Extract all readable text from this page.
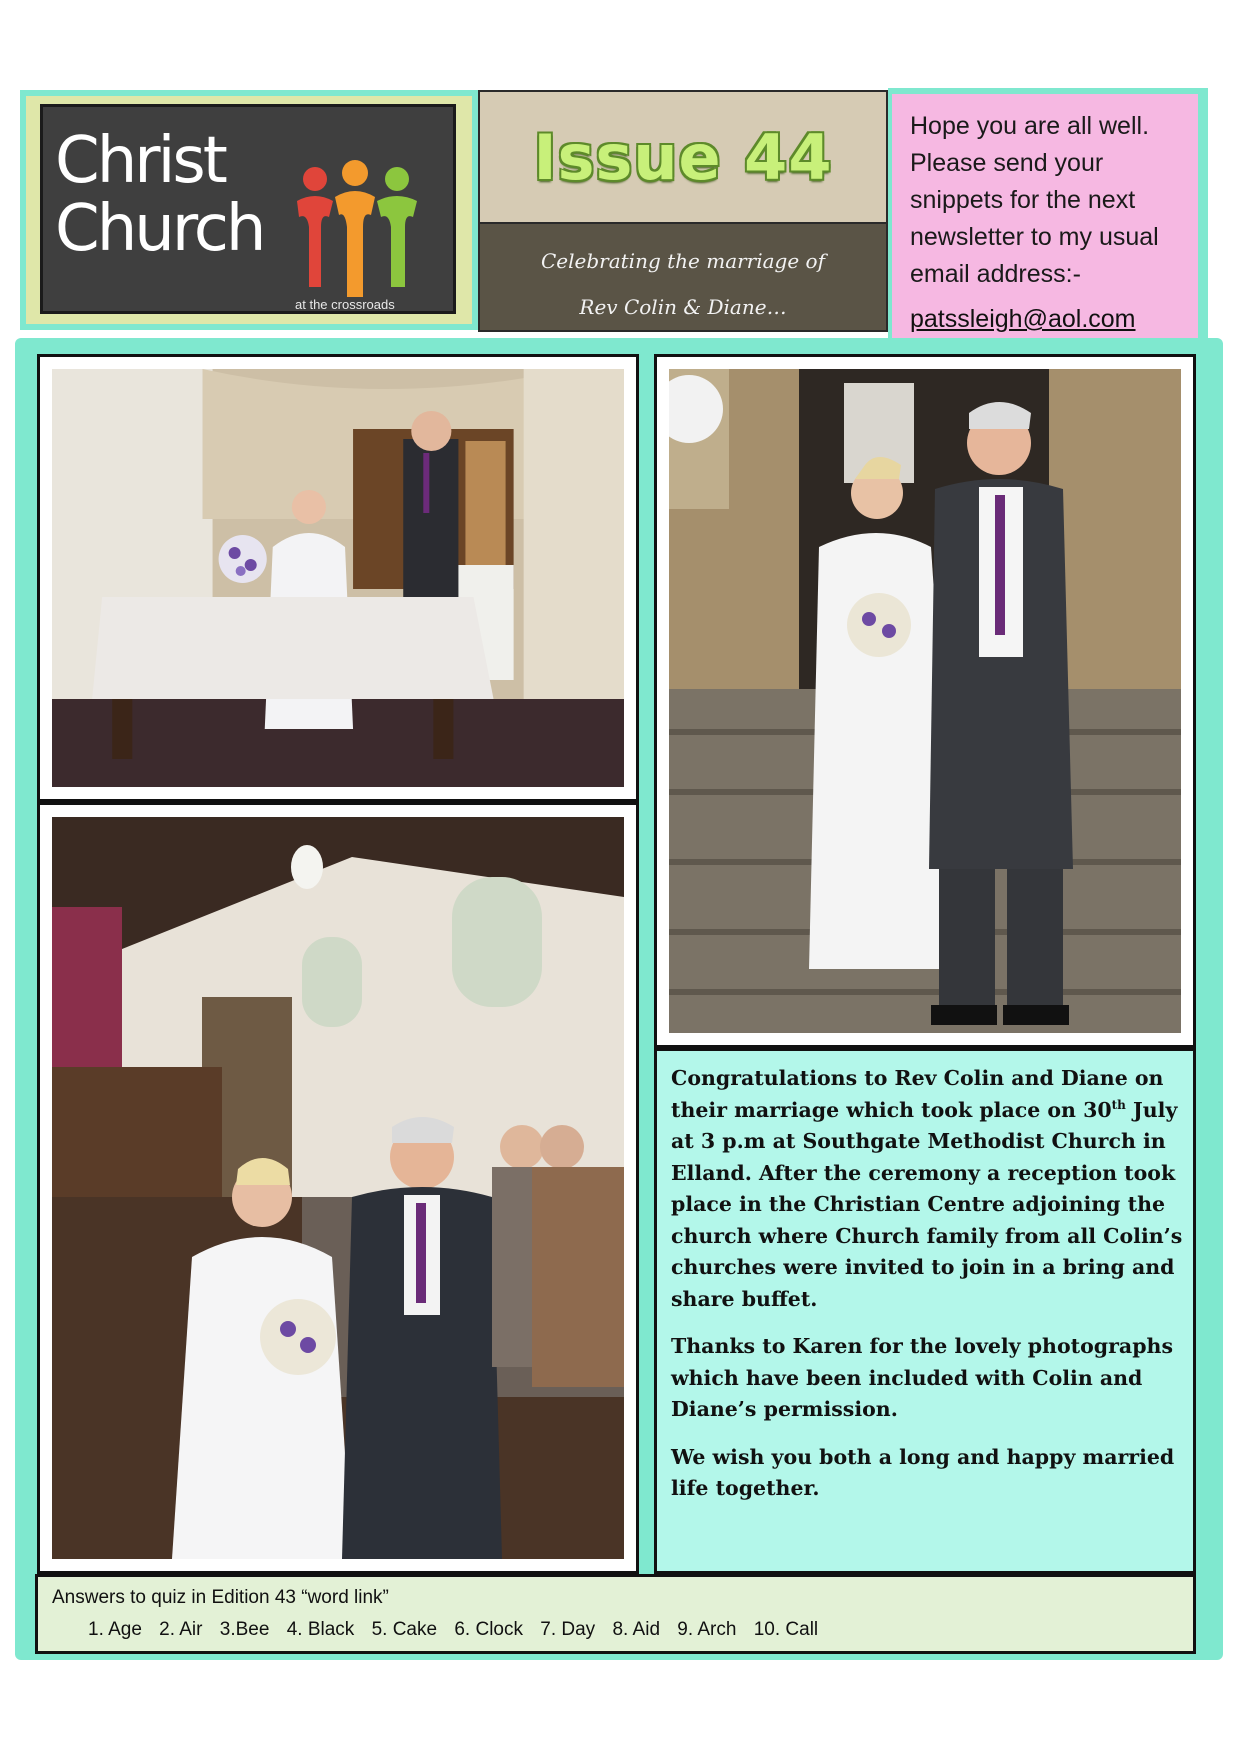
Christ
Church
at the crossroads
Issue 44
Celebrating the marriage of
Rev Colin & Diane…
Hope you are all well.
Please send your
snippets for the next
newsletter to my usual
email address:-
patssleigh@aol.com

Congratulations to Rev Colin and Diane on their marriage which took place on 30th July at 3 p.m at Southgate Methodist Church in Elland. After the ceremony a reception took place in the Christian Centre adjoining the church where Church family from all Colin’s churches were invited to join in a bring and share buffet.

Thanks to Karen for the lovely photographs which have been included with Colin and Diane’s permission.

We wish you both a long and happy married life together.

Answers to quiz in Edition 43 “word link”
1. Age 2. Air 3.Bee 4. Black 5. Cake 6. Clock 7. Day 8. Aid 9. Arch 10. Call
